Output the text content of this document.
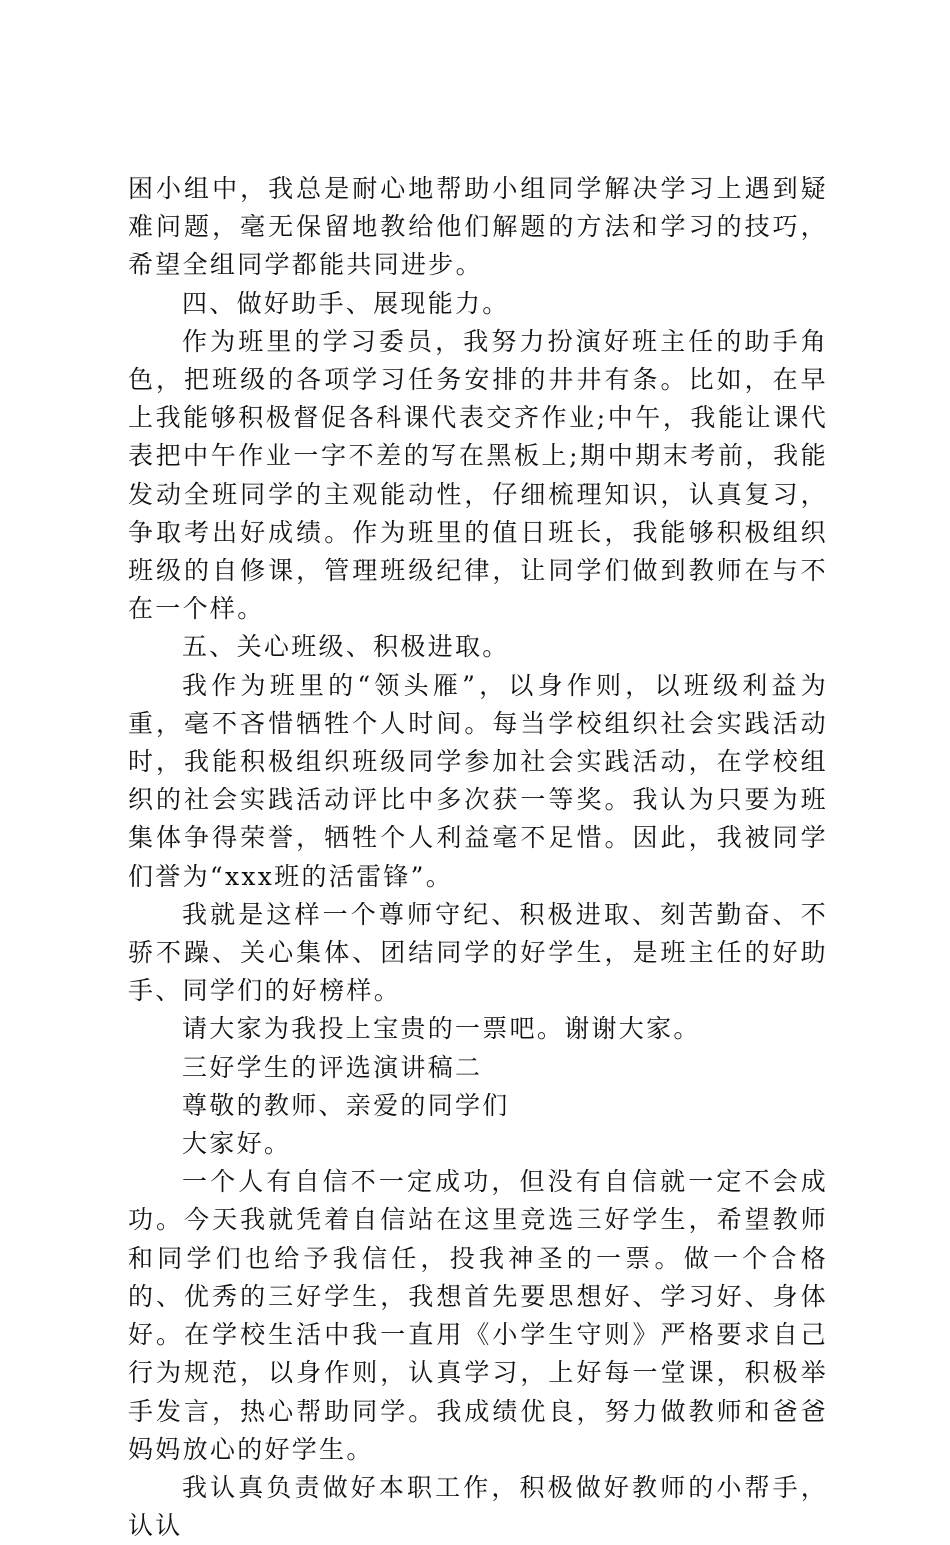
困小组中，我总是耐心地帮助小组同学解决学习上遇到疑难问题，毫无保留地教给他们解题的方法和学习的技巧，希望全组同学都能共同进步。

四、做好助手、展现能力。

作为班里的学习委员，我努力扮演好班主任的助手角色，把班级的各项学习任务安排的井井有条。比如，在早上我能够积极督促各科课代表交齐作业;中午，我能让课代表把中午作业一字不差的写在黑板上;期中期末考前，我能发动全班同学的主观能动性，仔细梳理知识，认真复习，争取考出好成绩。作为班里的值日班长，我能够积极组织班级的自修课，管理班级纪律，让同学们做到教师在与不在一个样。

五、关心班级、积极进取。

我作为班里的“领头雁”，以身作则，以班级利益为重，毫不吝惜牺牲个人时间。每当学校组织社会实践活动时，我能积极组织班级同学参加社会实践活动，在学校组织的社会实践活动评比中多次获一等奖。我认为只要为班集体争得荣誉，牺牲个人利益毫不足惜。因此，我被同学们誉为“xxx班的活雷锋”。

我就是这样一个尊师守纪、积极进取、刻苦勤奋、不骄不躁、关心集体、团结同学的好学生，是班主任的好助手、同学们的好榜样。

请大家为我投上宝贵的一票吧。谢谢大家。

三好学生的评选演讲稿二

尊敬的教师、亲爱的同学们

大家好。

一个人有自信不一定成功，但没有自信就一定不会成功。今天我就凭着自信站在这里竞选三好学生，希望教师和同学们也给予我信任，投我神圣的一票。做一个合格的、优秀的三好学生，我想首先要思想好、学习好、身体好。在学校生活中我一直用《小学生守则》严格要求自己行为规范，以身作则，认真学习，上好每一堂课，积极举手发言，热心帮助同学。我成绩优良，努力做教师和爸爸妈妈放心的好学生。

我认真负责做好本职工作，积极做好教师的小帮手，认认
